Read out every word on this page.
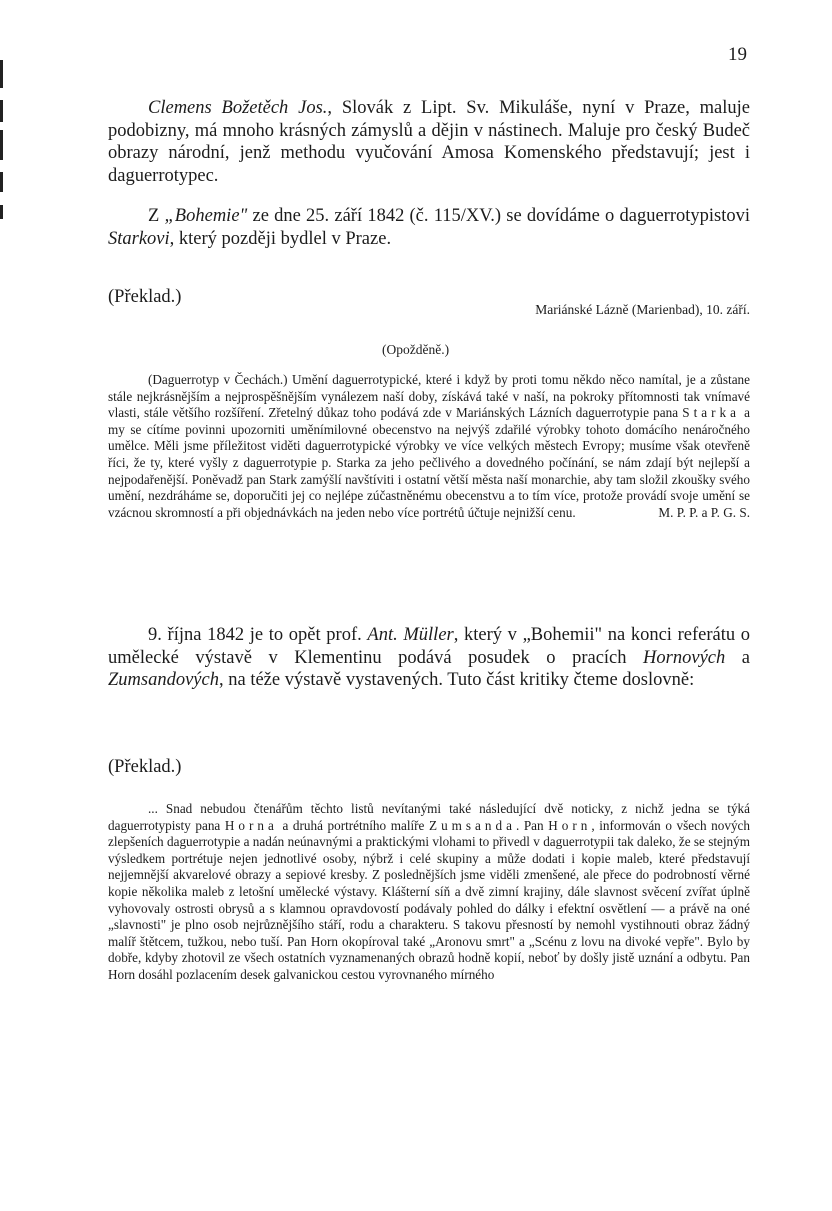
19

Clemens Božetěch Jos., Slovák z Lipt. Sv. Mikuláše, nyní v Praze, maluje podobizny, má mnoho krásných zámyslů a dějin v nástinech. Maluje pro český Budeč obrazy národní, jenž methodu vyučování Amosa Komenského představují; jest i daguerrotypec.

Z „Bohemie" ze dne 25. září 1842 (č. 115/XV.) se dovídáme o daguerrotypistovi Starkovi, který později bydlel v Praze.

(Překlad.)
Mariánské Lázně (Marienbad), 10. září.
(Opožděně.)

(Daguerrotyp v Čechách.) Umění daguerrotypické, které i když by proti tomu někdo něco namítal, je a zůstane stále nejkrásnějším a nejprospěšnějším vynálezem naší doby, získává také v naší, na pokroky přítomnosti tak vnímavé vlasti, stále většího rozšíření. Zřetelný důkaz toho podává zde v Mariánských Lázních daguerrotypie pana Starka a my se cítíme povinni upozorniti uměnímilovné obecenstvo na nejvýš zdařilé výrobky tohoto domácího nenáročného umělce. Měli jsme příležitost viděti daguerrotypické výrobky ve více velkých městech Evropy; musíme však otevřeně říci, že ty, které vyšly z daguerrotypie p. Starka za jeho pečlivého a dovedného počínání, se nám zdají být nejlepší a nejpodařenější. Poněvadž pan Stark zamýšlí navštíviti i ostatní větší města naší monarchie, aby tam složil zkoušky svého umění, nezdráháme se, doporučiti jej co nejlépe zúčastněnému obecenstvu a to tím více, protože provádí svoje umění se vzácnou skromností a při objednávkách na jeden nebo více portrétů účtuje nejnižší cenu.	M. P. P. a P. G. S.

9. října 1842 je to opět prof. Ant. Müller, který v „Bohemii" na konci referátu o umělecké výstavě v Klementinu podává posudek o pracích Hornových a Zumsandových, na téže výstavě vystavených. Tuto část kritiky čteme doslovně:

(Překlad.)

... Snad nebudou čtenářům těchto listů nevítanými také následující dvě noticky, z nichž jedna se týká daguerrotypisty pana Horna a druhá portrétního malíře Zumsanda. Pan Horn, informován o všech nových zlepšeních daguerrotypie a nadán neúnavnými a praktickými vlohami to přivedl v daguerrotypii tak daleko, že se stejným výsledkem portrétuje nejen jednotlivé osoby, nýbrž i celé skupiny a může dodati i kopie maleb, které představují nejjemnější akvarelové obrazy a sepiové kresby. Z posledněјších jsme viděli zmenšené, ale přece do podrobností věrné kopie několika maleb z letošní umělecké výstavy. Klášterní síň a dvě zimní krajiny, dále slavnost svěcení zvířat úplně vyhovovaly ostrosti obrysů a s klamnou opravdovostí podávaly pohled do dálky i efektní osvětlení — a právě na oné „slavnosti" je plno osob nejrůznějšího stáří, rodu a charakteru. S takovu přesností by nemohl vystihnouti obraz žádný malíř štětcem, tužkou, nebo tuší. Pan Horn okopíroval také „Aronovu smrt" a „Scénu z lovu na divoké vepře". Bylo by dobře, kdyby zhotovil ze všech ostatních vyznamenaných obrazů hodně kopií, neboť by došly jistě uznání a odbytu. Pan Horn dosáhl pozlacením desek galvanickou cestou vyrovnaného mírného
